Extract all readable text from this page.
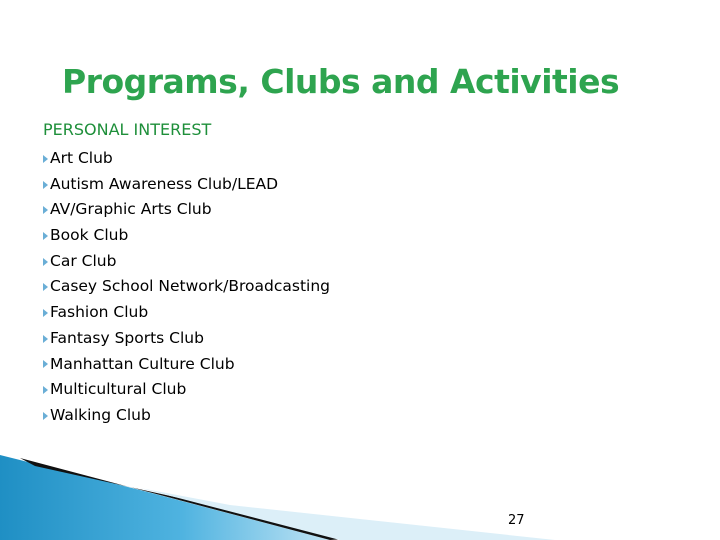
Programs, Clubs and Activities
PERSONAL INTEREST
Art Club
Autism Awareness Club/LEAD
AV/Graphic Arts Club
Book Club
Car Club
Casey School Network/Broadcasting
Fashion Club
Fantasy Sports Club
Manhattan Culture Club
Multicultural Club
Walking Club
27
